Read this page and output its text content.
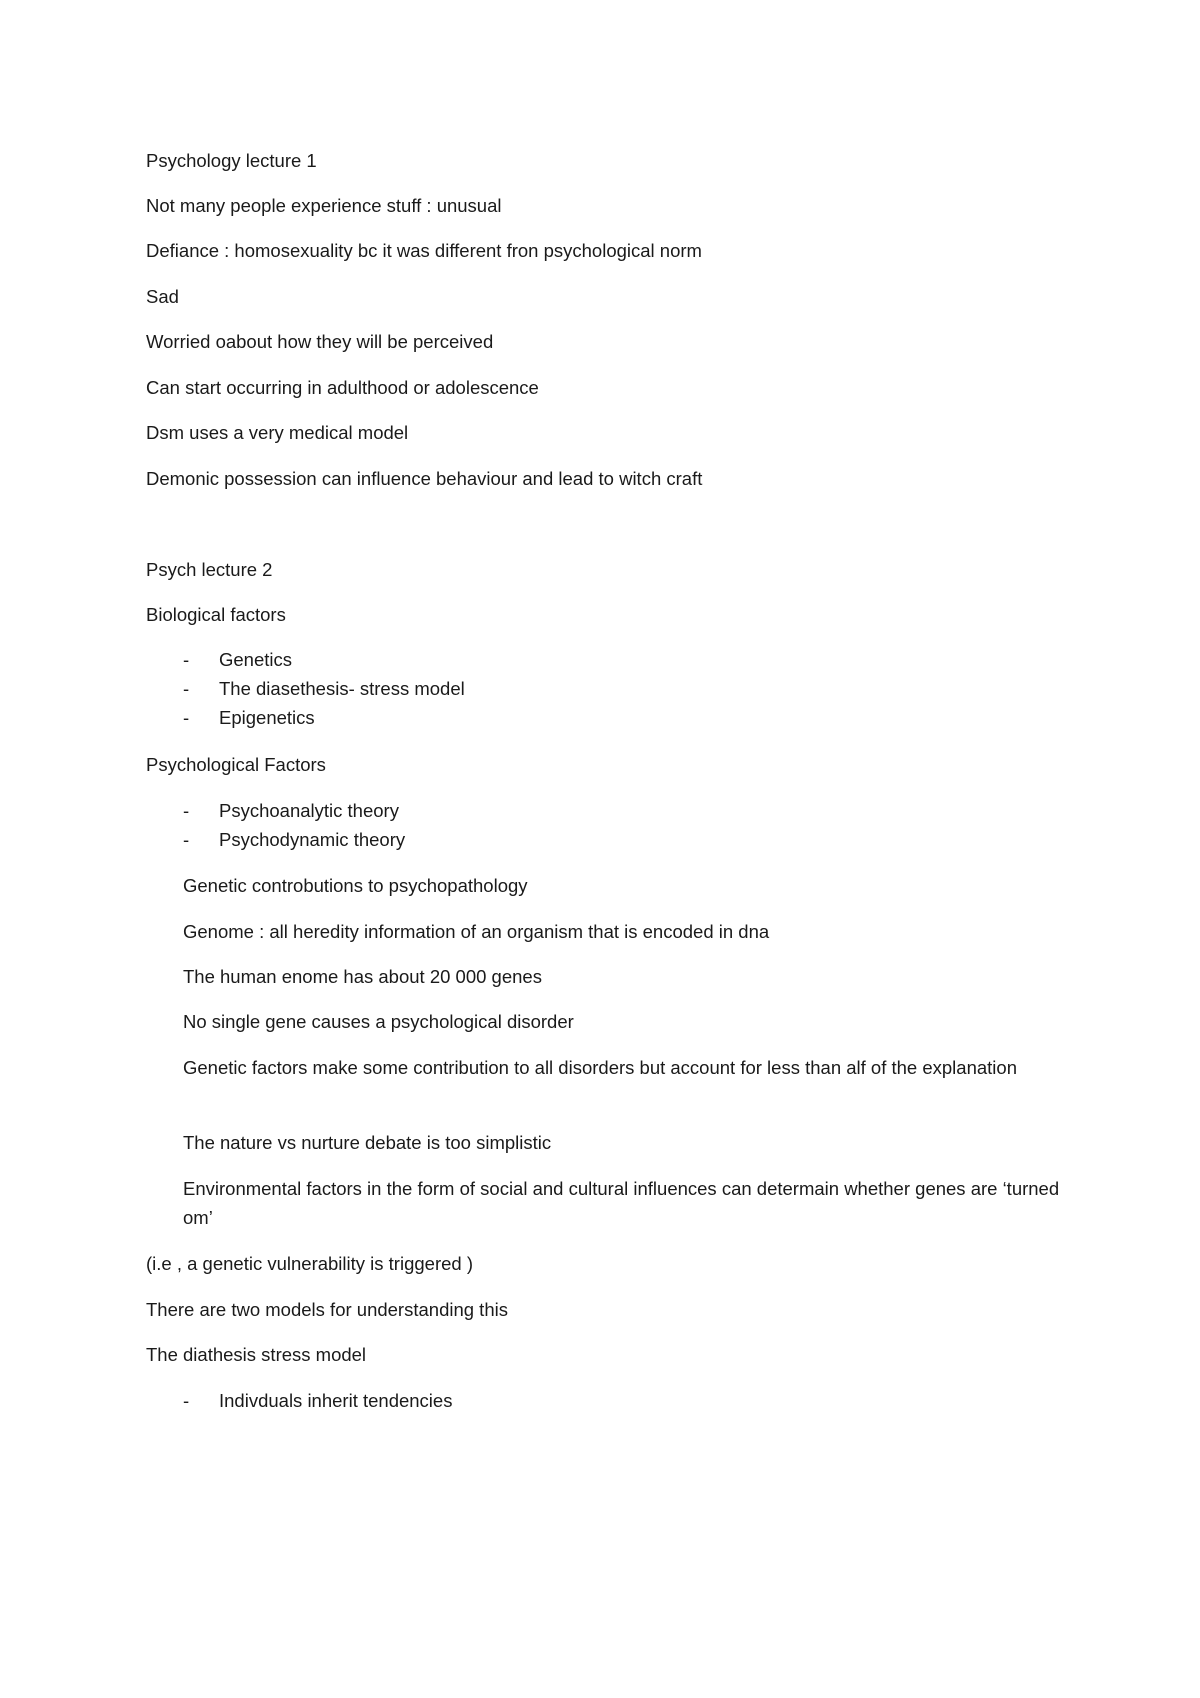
Psychology lecture 1

Not many people experience stuff : unusual

Defiance : homosexuality bc it was different fron psychological norm

Sad

Worried oabout how they will be perceived

Can start occurring in adulthood or adolescence

Dsm uses a very medical model

Demonic possession can influence behaviour and lead to witch craft

Psych lecture 2

Biological factors

-	Genetics
-	The diasethesis- stress model
-	Epigenetics

Psychological Factors

-	Psychoanalytic theory
-	Psychodynamic theory

Genetic controbutions to psychopathology

Genome : all heredity information of an organism that is encoded in dna

The human enome has about 20 000 genes

No single gene causes a psychological disorder

Genetic factors make some contribution to all disorders but account for less than alf of the explanation

The nature vs nurture debate is too simplistic

Environmental factors in the form of social and cultural influences can determain whether genes are ‘turned om’

(i.e , a genetic vulnerability is triggered )

There are two models for understanding this

The diathesis stress model

-	Indivduals inherit tendencies
